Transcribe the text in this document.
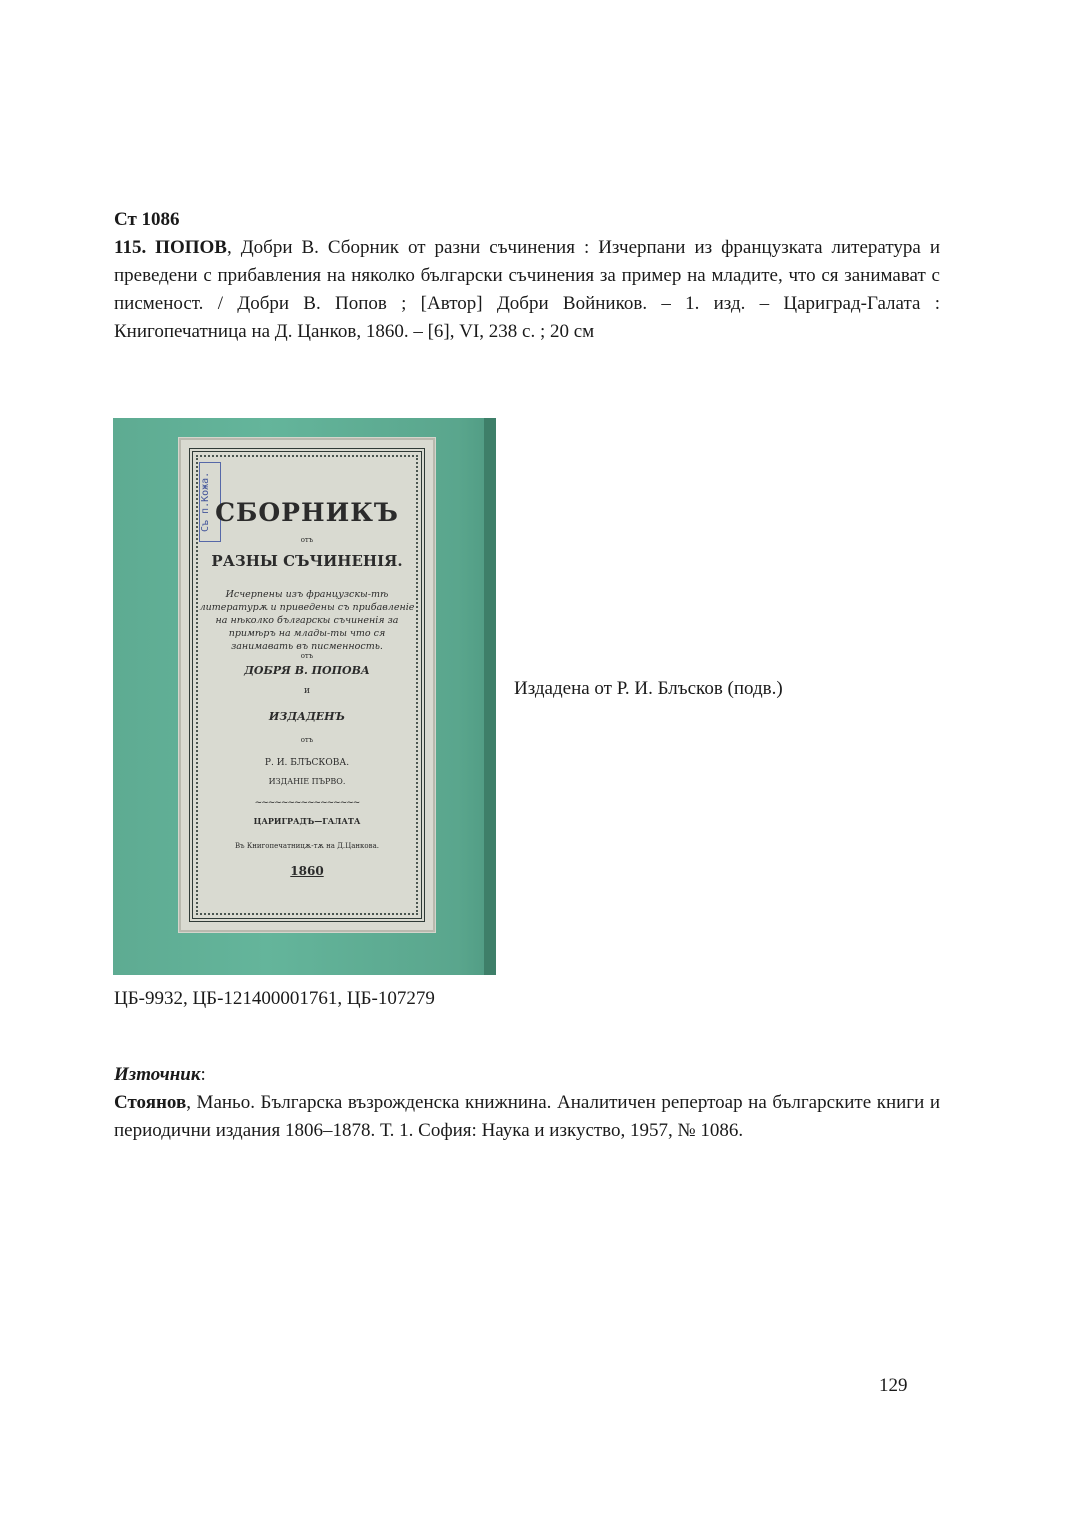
Ст 1086

115. ПОПОВ, Добри В. Сборник от разни съчинения : Изчерпани из французката литература и преведени с прибавления на няколко български съчинения за пример на младите, что ся занимават с писменост. / Добри В. Попов ; [Автор] Добри Войников. – 1. изд. – Цариград-Галата : Книгопечатница на Д. Цанков, 1860. – [6], VI, 238 с. ; 20 см

Съ п.Кожа. СБОРНИКЪ
отъ
РАЗНЫ СЪЧИНЕНІЯ.
Исчерпены изъ французскы-тѣ литературѫ и приведены съ прибавленіе на нѣколко българскы съчиненія за примѣръ на млады-ты что ся занимавать въ писменность.
отъ
ДОБРЯ В. ПОПОВА
и
ИЗДАДЕНЪ
отъ
Р. И. БЛЪСКОВА.
ИЗДАНІЕ ПЪРВО.
~~~~~~~~~~~~~~~~
ЦАРИГРАДЪ—ГАЛАТА
Въ Книгопечатницѫ-тѫ на Д.Цанкова.
1860
Издадена от Р. И. Блъсков (подв.)
ЦБ-9932, ЦБ-121400001761, ЦБ-107279

Източник:

Стоянов, Маньо. Българска възрожденска книжнина. Аналитичен репертоар на българските книги и периодични издания 1806–1878. Т. 1. София: Наука и изкуство, 1957, № 1086.

129
